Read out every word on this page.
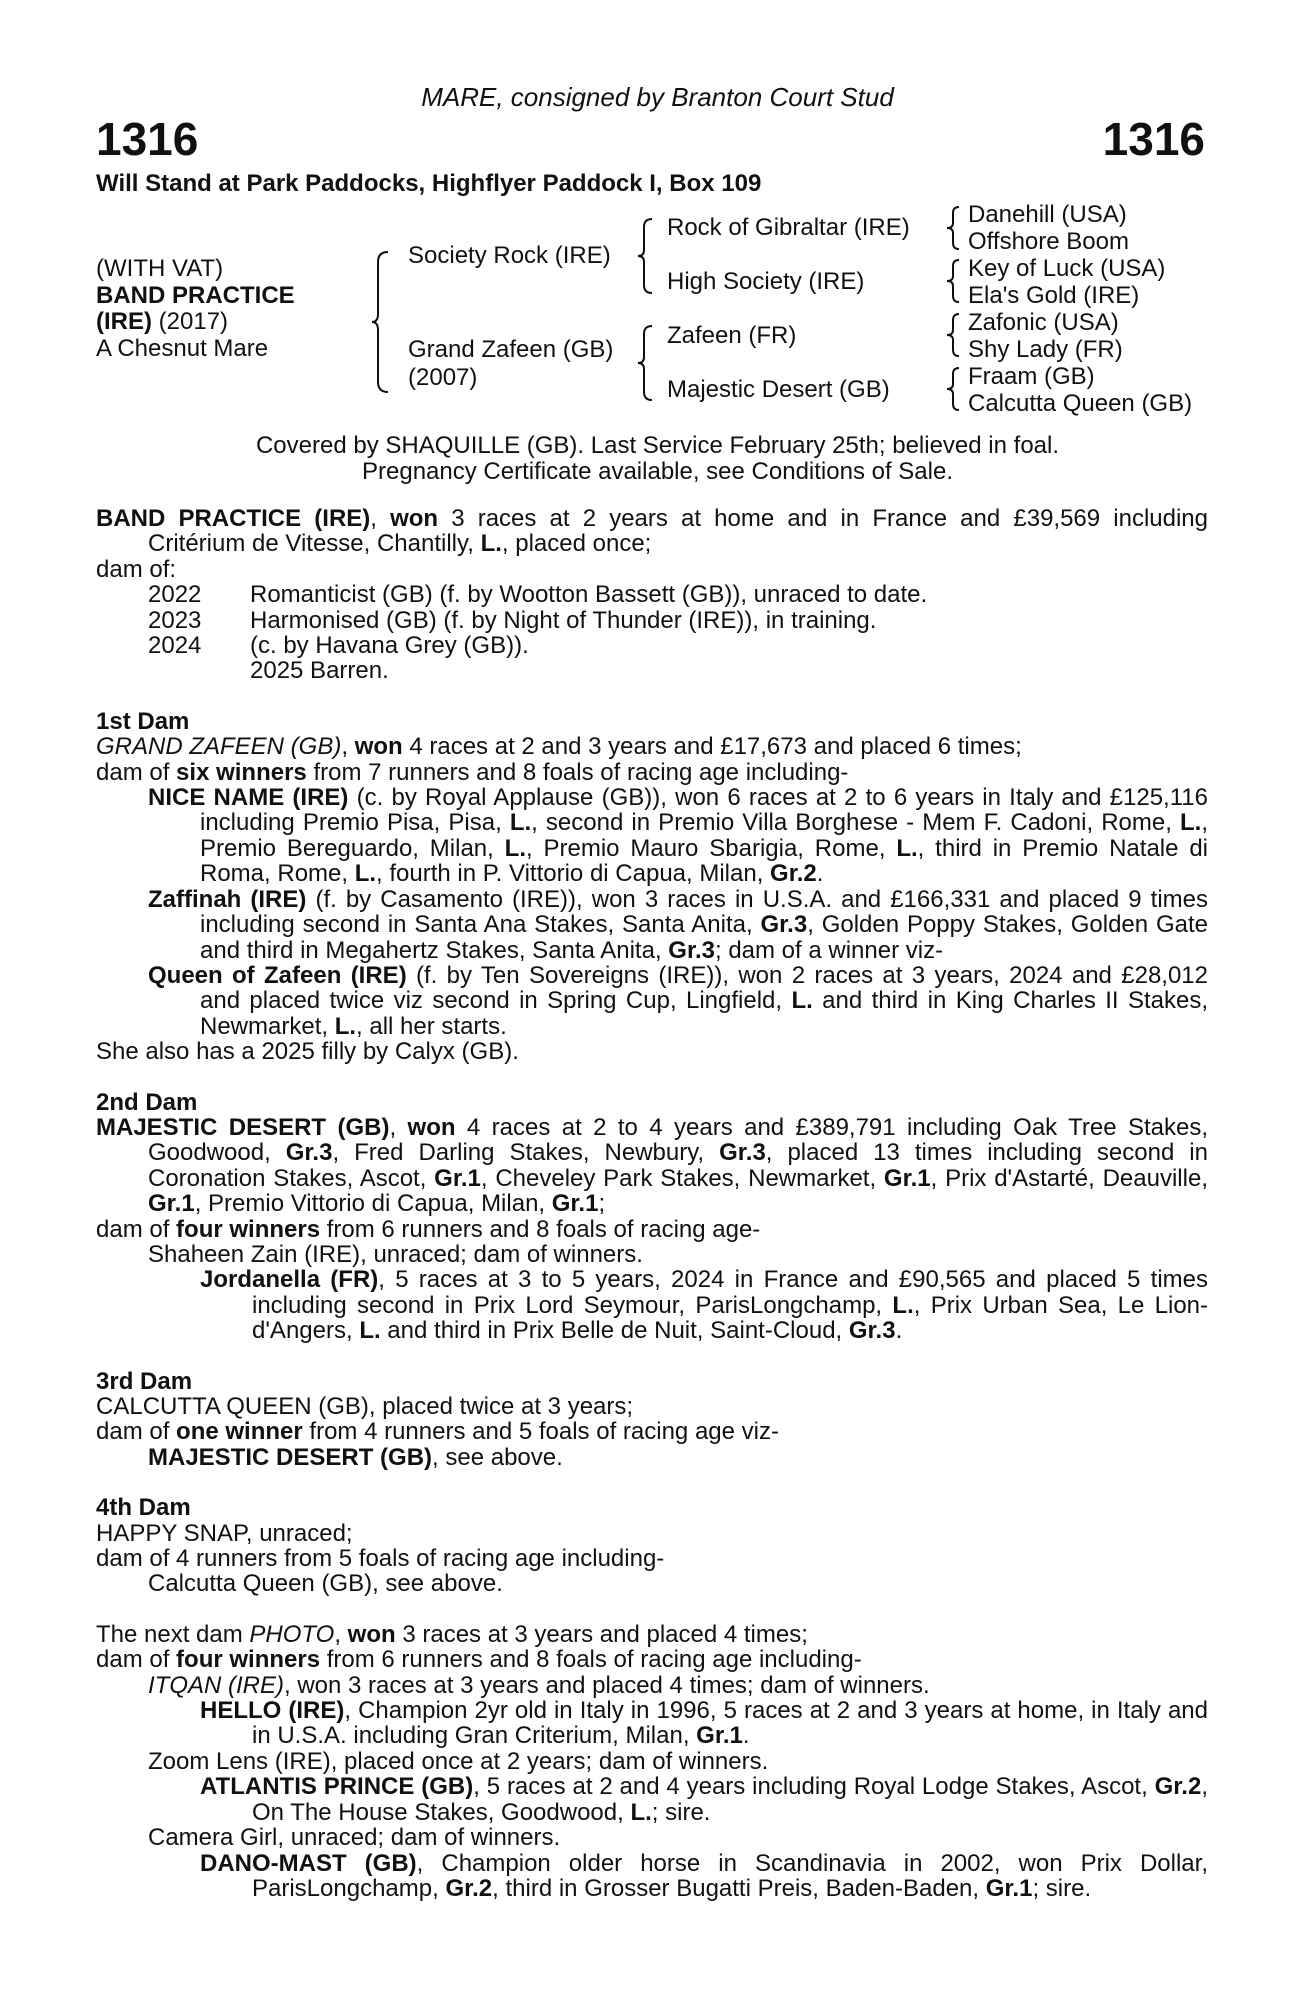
MARE, consigned by Branton Court Stud
1316	1316
Will Stand at Park Paddocks, Highflyer Paddock I, Box 109
(WITH VAT)
BAND PRACTICE
(IRE) (2017)
A Chesnut Mare
Society Rock (IRE)
Grand Zafeen (GB)
(2007)
Rock of Gibraltar (IRE)
High Society (IRE)
Zafeen (FR)
Majestic Desert (GB)
Danehill (USA)
Offshore Boom
Key of Luck (USA)
Ela's Gold (IRE)
Zafonic (USA)
Shy Lady (FR)
Fraam (GB)
Calcutta Queen (GB)
Covered by SHAQUILLE (GB). Last Service February 25th; believed in foal.
Pregnancy Certificate available, see Conditions of Sale.

BAND PRACTICE (IRE), won 3 races at 2 years at home and in France and £39,569 including Critérium de Vitesse, Chantilly, L., placed once;

dam of:

2022 Romanticist (GB) (f. by Wootton Bassett (GB)), unraced to date.

2023 Harmonised (GB) (f. by Night of Thunder (IRE)), in training.

2024 (c. by Havana Grey (GB)).

2025 Barren.

1st Dam

GRAND ZAFEEN (GB), won 4 races at 2 and 3 years and £17,673 and placed 6 times;

dam of six winners from 7 runners and 8 foals of racing age including-

NICE NAME (IRE) (c. by Royal Applause (GB)), won 6 races at 2 to 6 years in Italy and £125,116 including Premio Pisa, Pisa, L., second in Premio Villa Borghese - Mem F. Cadoni, Rome, L., Premio Bereguardo, Milan, L., Premio Mauro Sbarigia, Rome, L., third in Premio Natale di Roma, Rome, L., fourth in P. Vittorio di Capua, Milan, Gr.2.

Zaffinah (IRE) (f. by Casamento (IRE)), won 3 races in U.S.A. and £166,331 and placed 9 times including second in Santa Ana Stakes, Santa Anita, Gr.3, Golden Poppy Stakes, Golden Gate and third in Megahertz Stakes, Santa Anita, Gr.3; dam of a winner viz-

Queen of Zafeen (IRE) (f. by Ten Sovereigns (IRE)), won 2 races at 3 years, 2024 and £28,012 and placed twice viz second in Spring Cup, Lingfield, L. and third in King Charles II Stakes, Newmarket, L., all her starts.

She also has a 2025 filly by Calyx (GB).

2nd Dam

MAJESTIC DESERT (GB), won 4 races at 2 to 4 years and £389,791 including Oak Tree Stakes, Goodwood, Gr.3, Fred Darling Stakes, Newbury, Gr.3, placed 13 times including second in Coronation Stakes, Ascot, Gr.1, Cheveley Park Stakes, Newmarket, Gr.1, Prix d'Astarté, Deauville, Gr.1, Premio Vittorio di Capua, Milan, Gr.1;

dam of four winners from 6 runners and 8 foals of racing age-

Shaheen Zain (IRE), unraced; dam of winners.

Jordanella (FR), 5 races at 3 to 5 years, 2024 in France and £90,565 and placed 5 times including second in Prix Lord Seymour, ParisLongchamp, L., Prix Urban Sea, Le Lion-d'Angers, L. and third in Prix Belle de Nuit, Saint-Cloud, Gr.3.

3rd Dam

CALCUTTA QUEEN (GB), placed twice at 3 years;

dam of one winner from 4 runners and 5 foals of racing age viz-

MAJESTIC DESERT (GB), see above.

4th Dam

HAPPY SNAP, unraced;

dam of 4 runners from 5 foals of racing age including-

Calcutta Queen (GB), see above.

The next dam PHOTO, won 3 races at 3 years and placed 4 times;

dam of four winners from 6 runners and 8 foals of racing age including-

ITQAN (IRE), won 3 races at 3 years and placed 4 times; dam of winners.

HELLO (IRE), Champion 2yr old in Italy in 1996, 5 races at 2 and 3 years at home, in Italy and in U.S.A. including Gran Criterium, Milan, Gr.1.

Zoom Lens (IRE), placed once at 2 years; dam of winners.

ATLANTIS PRINCE (GB), 5 races at 2 and 4 years including Royal Lodge Stakes, Ascot, Gr.2, On The House Stakes, Goodwood, L.; sire.

Camera Girl, unraced; dam of winners.

DANO-MAST (GB), Champion older horse in Scandinavia in 2002, won Prix Dollar, ParisLongchamp, Gr.2, third in Grosser Bugatti Preis, Baden-Baden, Gr.1; sire.
